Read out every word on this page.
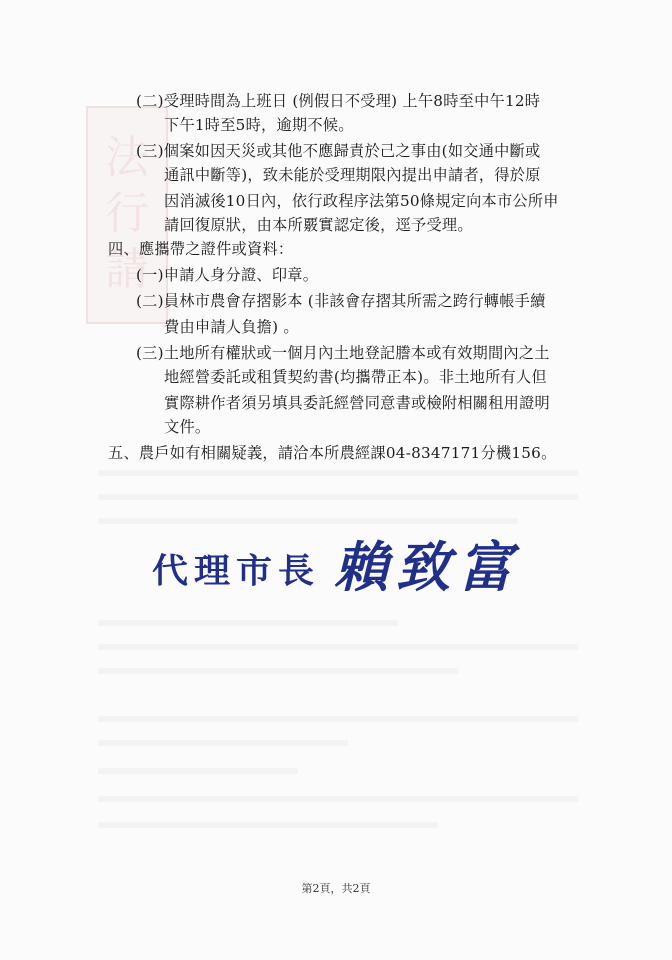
法行請
(二)受理時間為上班日 (例假日不受理) 上午8時至中午12時
下午1時至5時，逾期不候。
(三)個案如因天災或其他不應歸責於己之事由(如交通中斷或
通訊中斷等)，致未能於受理期限內提出申請者，得於原
因消滅後10日內，依行政程序法第50條規定向本市公所申
請回復原狀，由本所覈實認定後，逕予受理。
四、應攜帶之證件或資料：
(一)申請人身分證、印章。
(二)員林市農會存摺影本 (非該會存摺其所需之跨行轉帳手續
費由申請人負擔) 。
(三)土地所有權狀或一個月內土地登記謄本或有效期間內之土
地經營委託或租賃契約書(均攜帶正本)。非土地所有人但
實際耕作者須另填具委託經營同意書或檢附相關租用證明
文件。
五、農戶如有相關疑義，請洽本所農經課04-8347171分機156。
代理市長 賴致富
第2頁，共2頁
